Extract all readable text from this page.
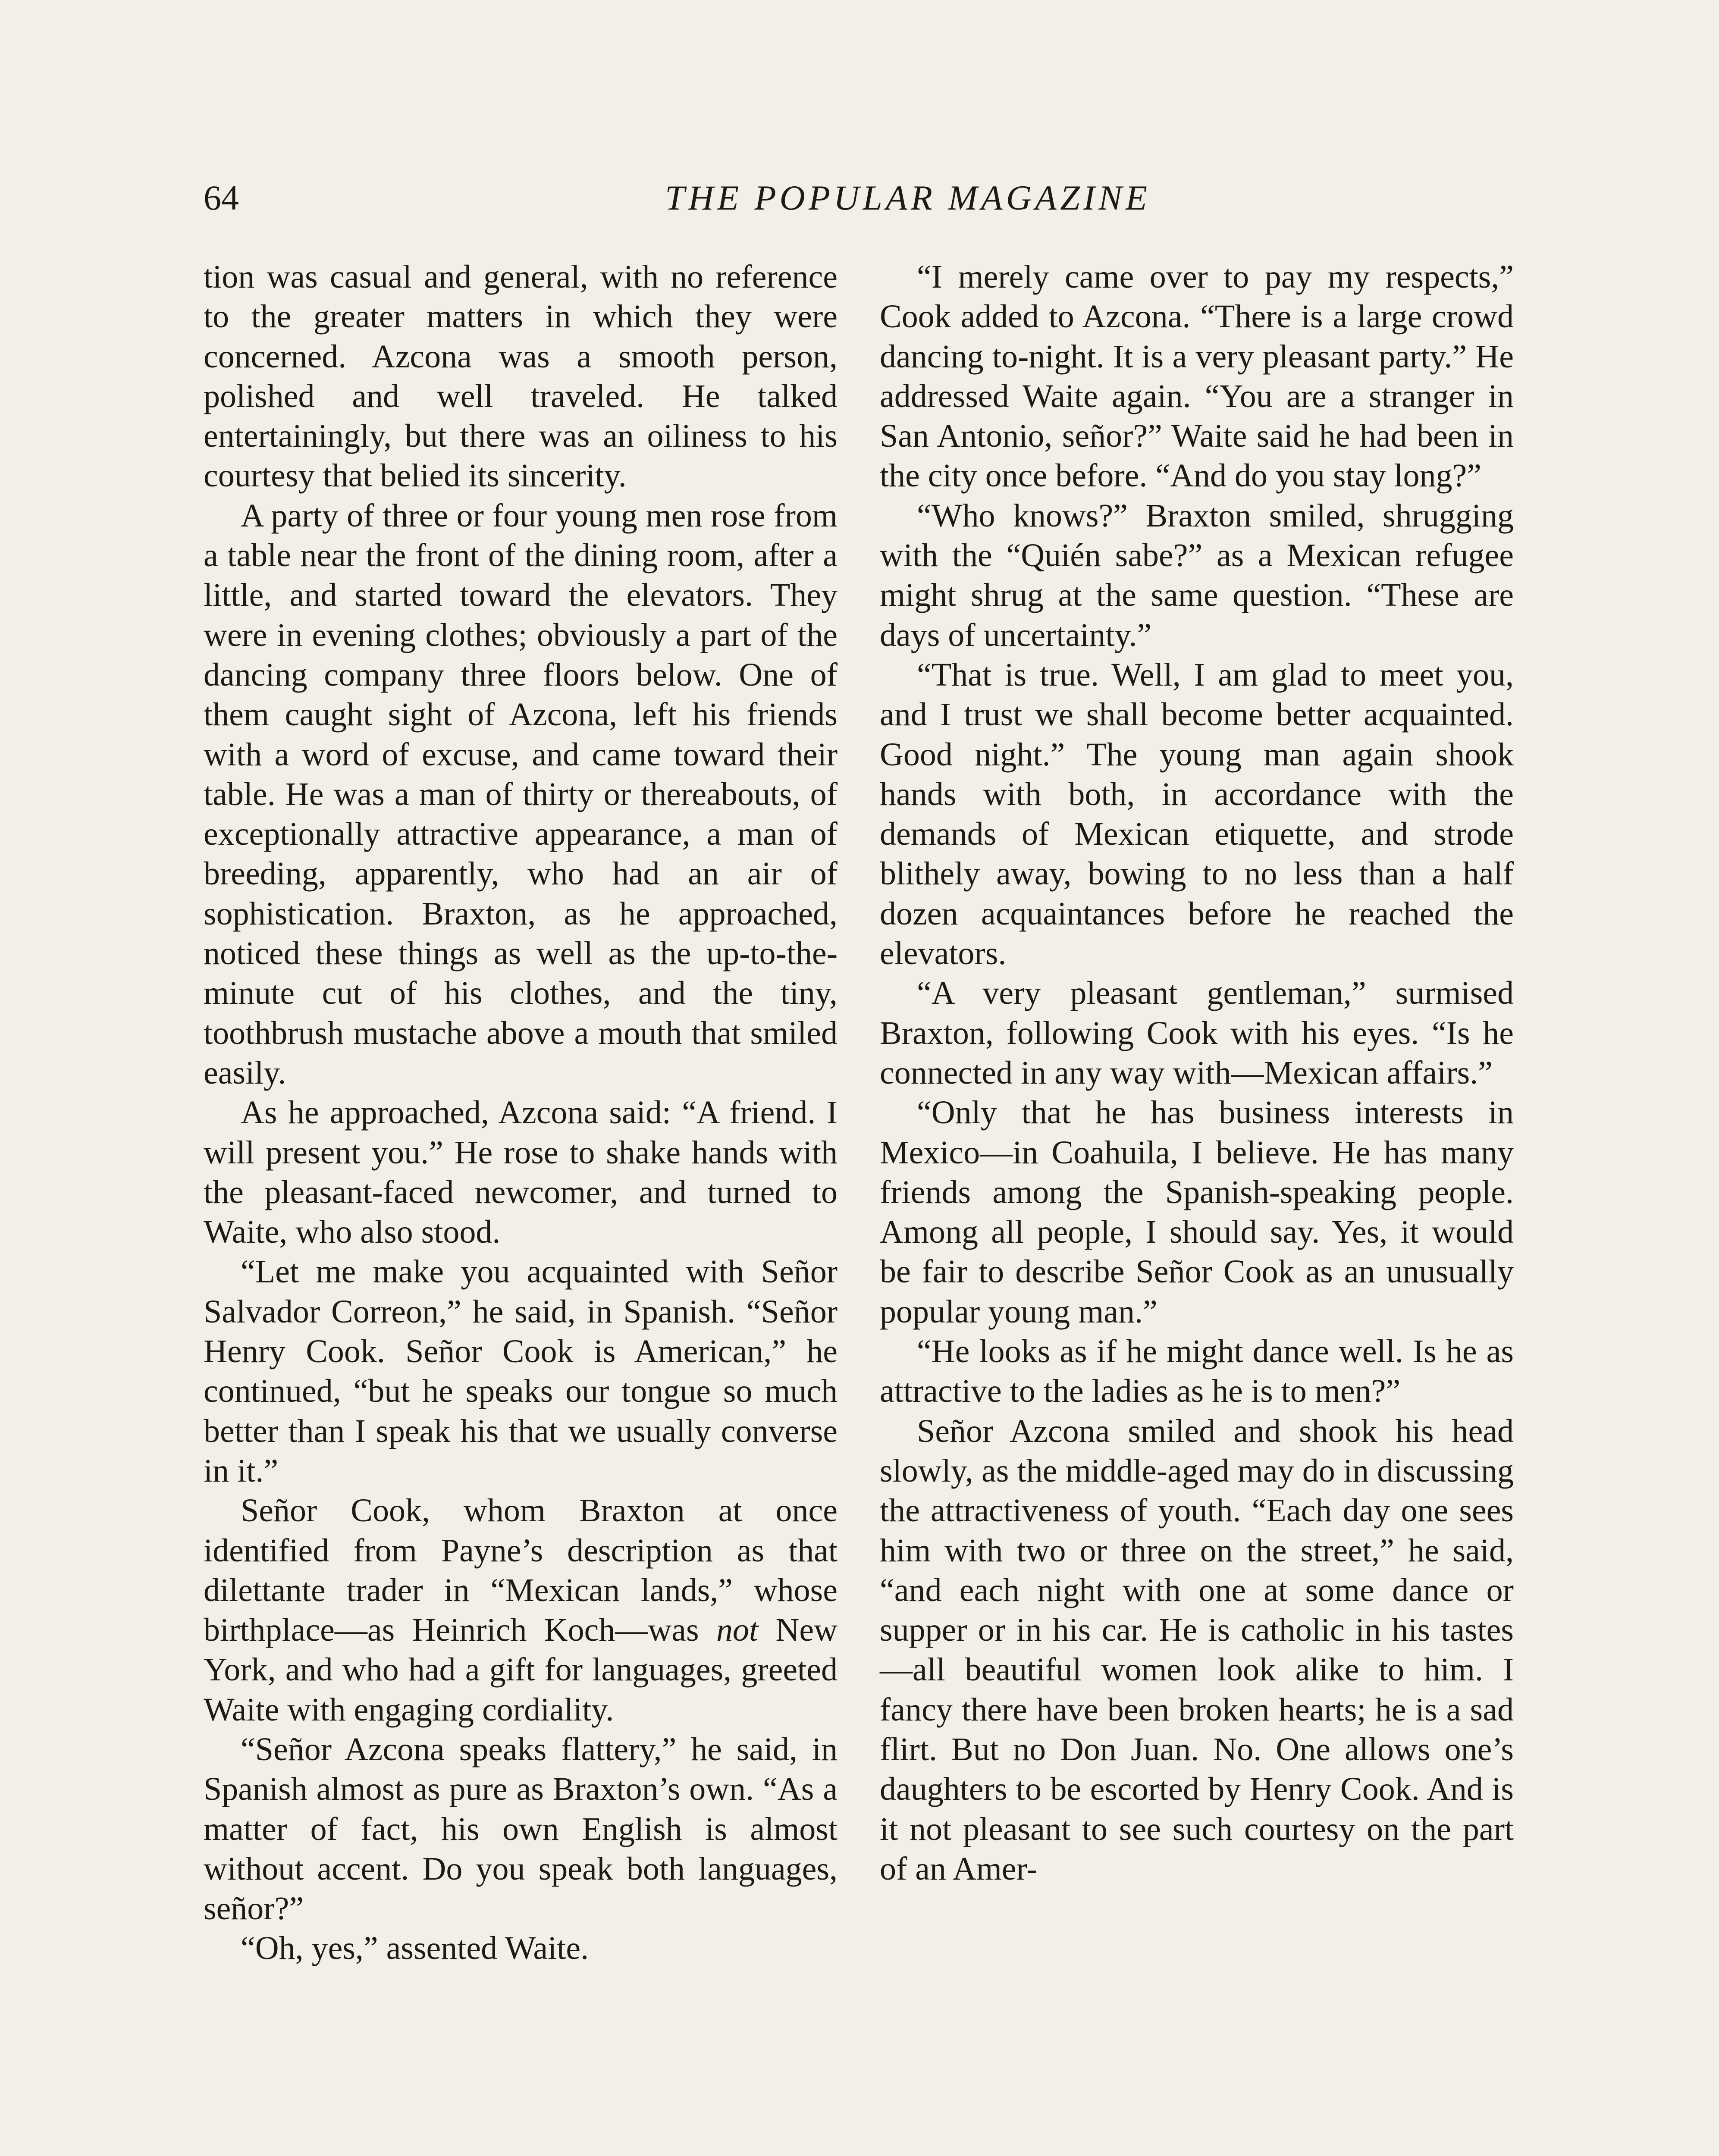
64	THE POPULAR MAGAZINE

tion was casual and general, with no reference to the greater matters in which they were concerned. Azcona was a smooth person, polished and well traveled. He talked entertainingly, but there was an oiliness to his courtesy that belied its sincerity.

A party of three or four young men rose from a table near the front of the dining room, after a little, and started toward the elevators. They were in evening clothes; obviously a part of the dancing company three floors below. One of them caught sight of Azcona, left his friends with a word of excuse, and came toward their table. He was a man of thirty or thereabouts, of exceptionally attractive appearance, a man of breeding, apparently, who had an air of sophistication. Braxton, as he approached, noticed these things as well as the up-to-the-minute cut of his clothes, and the tiny, toothbrush mustache above a mouth that smiled easily.

As he approached, Azcona said: “A friend. I will present you.” He rose to shake hands with the pleasant-faced newcomer, and turned to Waite, who also stood.

“Let me make you acquainted with Señor Salvador Correon,” he said, in Spanish. “Señor Henry Cook. Señor Cook is American,” he continued, “but he speaks our tongue so much better than I speak his that we usually converse in it.”

Señor Cook, whom Braxton at once identified from Payne’s description as that dilettante trader in “Mexican lands,” whose birthplace—as Heinrich Koch—was not New York, and who had a gift for languages, greeted Waite with engaging cordiality.

“Señor Azcona speaks flattery,” he said, in Spanish almost as pure as Braxton’s own. “As a matter of fact, his own English is almost without accent. Do you speak both languages, señor?”

“Oh, yes,” assented Waite.

“I merely came over to pay my respects,” Cook added to Azcona. “There is a large crowd dancing to-night. It is a very pleasant party.” He addressed Waite again. “You are a stranger in San Antonio, señor?” Waite said he had been in the city once before. “And do you stay long?”

“Who knows?” Braxton smiled, shrugging with the “Quién sabe?” as a Mexican refugee might shrug at the same question. “These are days of uncertainty.”

“That is true. Well, I am glad to meet you, and I trust we shall become better acquainted. Good night.” The young man again shook hands with both, in accordance with the demands of Mexican etiquette, and strode blithely away, bowing to no less than a half dozen acquaintances before he reached the elevators.

“A very pleasant gentleman,” surmised Braxton, following Cook with his eyes. “Is he connected in any way with—Mexican affairs.”

“Only that he has business interests in Mexico—in Coahuila, I believe. He has many friends among the Spanish-speaking people. Among all people, I should say. Yes, it would be fair to describe Señor Cook as an unusually popular young man.”

“He looks as if he might dance well. Is he as attractive to the ladies as he is to men?”

Señor Azcona smiled and shook his head slowly, as the middle-aged may do in discussing the attractiveness of youth. “Each day one sees him with two or three on the street,” he said, “and each night with one at some dance or supper or in his car. He is catholic in his tastes—all beautiful women look alike to him. I fancy there have been broken hearts; he is a sad flirt. But no Don Juan. No. One allows one’s daughters to be escorted by Henry Cook. And is it not pleasant to see such courtesy on the part of an Amer-
